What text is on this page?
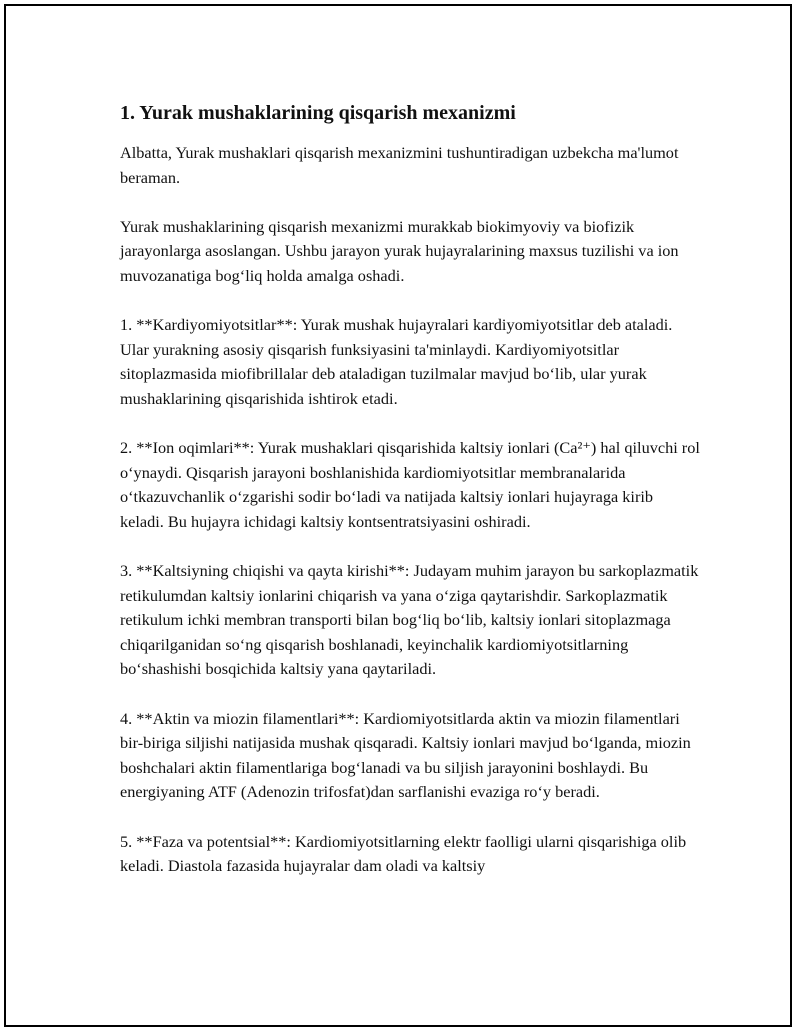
1. Yurak mushaklarining qisqarish mexanizmi

Albatta, Yurak mushaklari qisqarish mexanizmini tushuntiradigan uzbekcha ma'lumot beraman.

Yurak mushaklarining qisqarish mexanizmi murakkab biokimyoviy va biofizik jarayonlarga asoslangan. Ushbu jarayon yurak hujayralarining maxsus tuzilishi va ion muvozanatiga bog‘liq holda amalga oshadi.

1. **Kardiyomiyotsitlar**: Yurak mushak hujayralari kardiyomiyotsitlar deb ataladi. Ular yurakning asosiy qisqarish funksiyasini ta'minlaydi. Kardiyomiyotsitlar sitoplazmasida miofibrillalar deb ataladigan tuzilmalar mavjud bo‘lib, ular yurak mushaklarining qisqarishida ishtirok etadi.

2. **Ion oqimlari**: Yurak mushaklari qisqarishida kaltsiy ionlari (Ca²⁺) hal qiluvchi rol o‘ynaydi. Qisqarish jarayoni boshlanishida kardiomiyotsitlar membranalarida o‘tkazuvchanlik o‘zgarishi sodir bo‘ladi va natijada kaltsiy ionlari hujayraga kirib keladi. Bu hujayra ichidagi kaltsiy kontsentratsiyasini oshiradi.

3. **Kaltsiyning chiqishi va qayta kirishi**: Judayam muhim jarayon bu sarkoplazmatik retikulumdan kaltsiy ionlarini chiqarish va yana o‘ziga qaytarishdir. Sarkoplazmatik retikulum ichki membran transporti bilan bog‘liq bo‘lib, kaltsiy ionlari sitoplazmaga chiqarilganidan so‘ng qisqarish boshlanadi, keyinchalik kardiomiyotsitlarning bo‘shashishi bosqichida kaltsiy yana qaytariladi.

4. **Aktin va miozin filamentlari**: Kardiomiyotsitlarda aktin va miozin filamentlari bir-biriga siljishi natijasida mushak qisqaradi. Kaltsiy ionlari mavjud bo‘lganda, miozin boshchalari aktin filamentlariga bog‘lanadi va bu siljish jarayonini boshlaydi. Bu energiyaning ATF (Adenozin trifosfat)dan sarflanishi evaziga ro‘y beradi.

5. **Faza va potentsial**: Kardiomiyotsitlarning elektr faolligi ularni qisqarishiga olib keladi. Diastola fazasida hujayralar dam oladi va kaltsiy
